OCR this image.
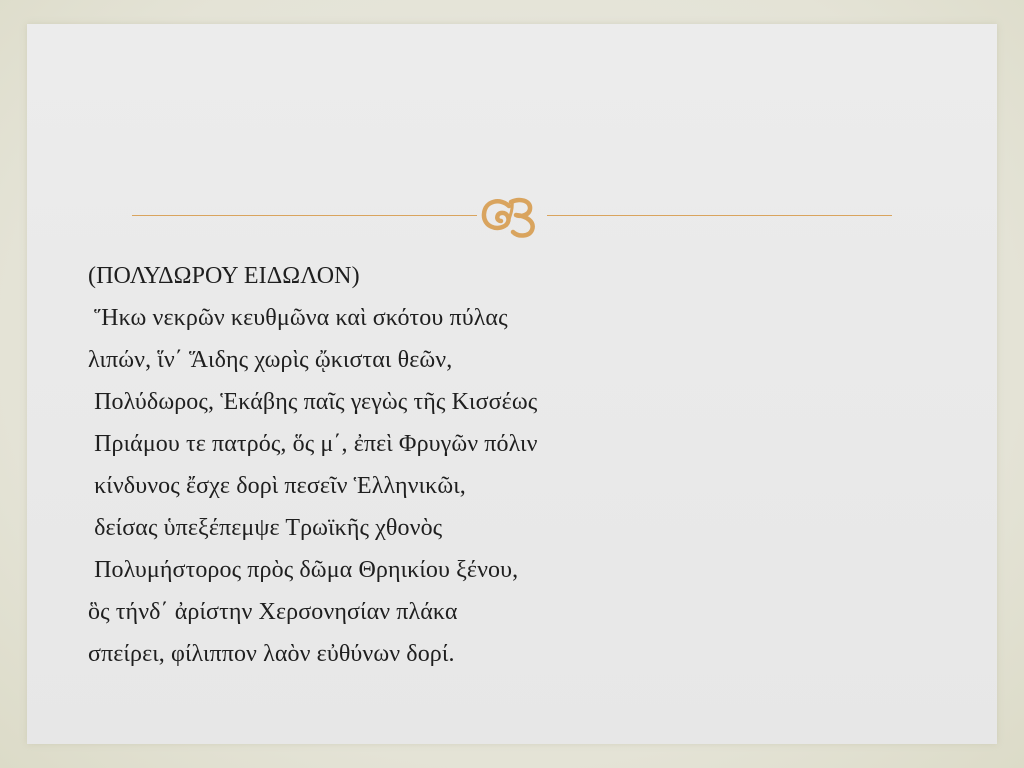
(ΠΟΛΥΔΩΡΟΥ ΕΙΔΩΛΟΝ)
Ἥκω νεκρῶν κευθμῶνα καὶ σκότου πύλας
λιπών, ἵν΄ Ἅιδης χωρὶς ᾤκισται θεῶν,
Πολύδωρος, Ἑκάβης παῖς γεγὼς τῆς Κισσέως
Πριάμου τε πατρός, ὅς μ΄, ἐπεὶ Φρυγῶν πόλιν
κίνδυνος ἔσχε δορὶ πεσεῖν Ἑλληνικῶι,
δείσας ὑπεξέπεμψε Τρωϊκῆς χθονὸς
Πολυμήστορος πρὸς δῶμα Θρηικίου ξένου,
ὃς τήνδ΄ ἀρίστην Χερσονησίαν πλάκα
σπείρει, φίλιππον λαὸν εὐθύνων δορί.
